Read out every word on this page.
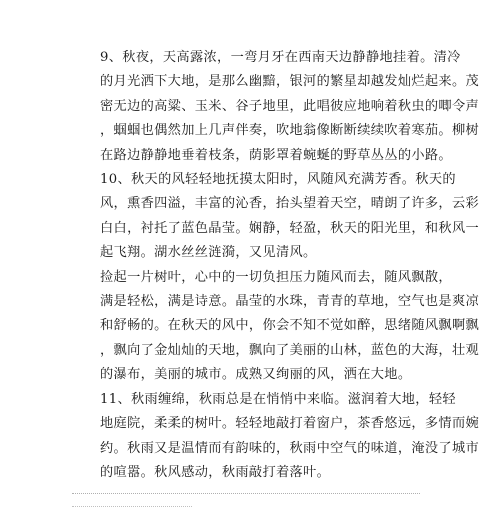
9、秋夜，天高露浓，一弯月牙在西南天边静静地挂着。清冷
的月光洒下大地，是那么幽黯，银河的繁星却越发灿烂起来。茂
密无边的高粱、玉米、谷子地里，此唱彼应地响着秋虫的唧令声
，蝈蝈也偶然加上几声伴奏，吹地翁像断断续续吹着寒茄。柳树
在路边静静地垂着枝条，荫影罩着蜿蜒的野草丛丛的小路。

10、秋天的风轻轻地抚摸太阳时，风随风充满芳香。秋天的
风，熏香四溢，丰富的沁香，抬头望着天空，晴朗了许多，云彩
白白，衬托了蓝色晶莹。娴静，轻盈，秋天的阳光里，和秋风一
起飞翔。湖水丝丝涟漪，又见清风。

捡起一片树叶，心中的一切负担压力随风而去，随风飘散，
满是轻松，满是诗意。晶莹的水珠，青青的草地，空气也是爽凉
和舒畅的。在秋天的风中，你会不知不觉如醉，思绪随风飘啊飘
，飘向了金灿灿的天地，飘向了美丽的山林，蓝色的大海，壮观
的瀑布，美丽的城市。成熟又绚丽的风，洒在大地。

11、秋雨缠绵，秋雨总是在悄悄中来临。滋润着大地，轻轻
地庭院，柔柔的树叶。轻轻地敲打着窗户，茶香悠远，多情而婉
约。秋雨又是温情而有韵味的，秋雨中空气的味道，淹没了城市
的喧嚣。秋风感动，秋雨敲打着落叶。
